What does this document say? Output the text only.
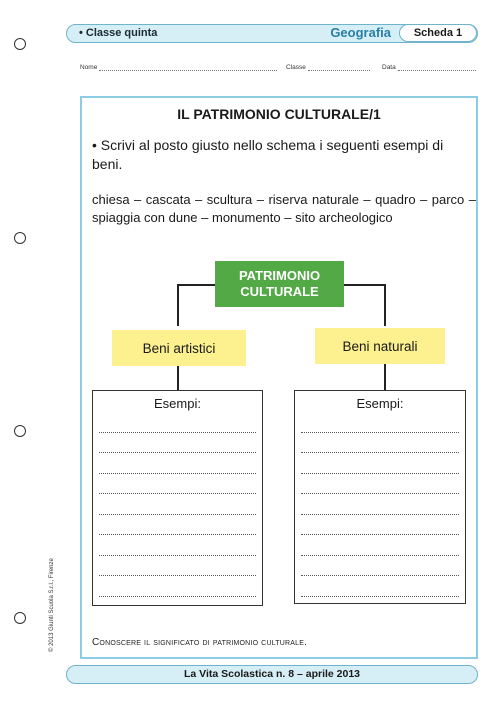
• Classe quinta	Geografia	Scheda 1
Nome	Classe	Data
IL PATRIMONIO CULTURALE/1
• Scrivi al posto giusto nello schema i seguenti esempi di beni.
chiesa – cascata – scultura – riserva naturale – quadro – parco – spiaggia con dune – monumento – sito archeologico
PATRIMONIO
CULTURALE
Beni artistici	Beni naturali
Esempi:	Esempi:
Conoscere il significato di patrimonio culturale.
© 2013 Giunti Scuola S.r.l., Firenze
La Vita Scolastica n. 8 – aprile 2013
